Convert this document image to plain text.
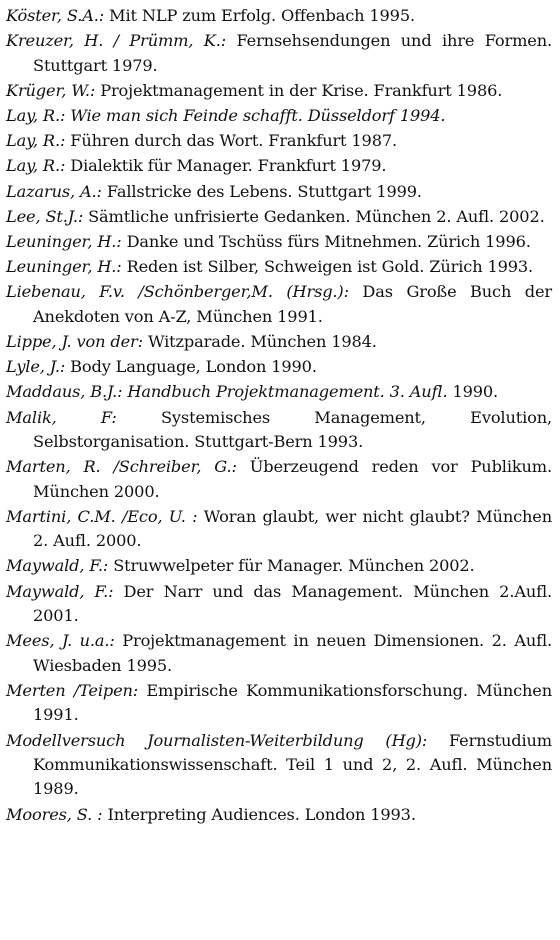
Köster, S.A.: Mit NLP zum Erfolg. Offenbach 1995.
Kreuzer, H. / Prümm, K.: Fernsehsendungen und ihre Formen. Stuttgart 1979.
Krüger, W.: Projektmanagement in der Krise. Frankfurt 1986.
Lay, R.: Wie man sich Feinde schafft. Düsseldorf 1994.
Lay, R.: Führen durch das Wort. Frankfurt 1987.
Lay, R.: Dialektik für Manager. Frankfurt 1979.
Lazarus, A.: Fallstricke des Lebens. Stuttgart 1999.
Lee, St.J.: Sämtliche unfrisierte Gedanken. München 2. Aufl. 2002.
Leuninger, H.: Danke und Tschüss fürs Mitnehmen. Zürich 1996.
Leuninger, H.: Reden ist Silber, Schweigen ist Gold. Zürich 1993.
Liebenau, F.v. /Schönberger,M. (Hrsg.): Das Große Buch der Anekdoten von A-Z, München 1991.
Lippe, J. von der: Witzparade. München 1984.
Lyle, J.: Body Language, London 1990.
Maddaus, B.J.: Handbuch Projektmanagement. 3. Aufl. 1990.
Malik, F: Systemisches Management, Evolution, Selbstorganisation. Stuttgart-Bern 1993.
Marten, R. /Schreiber, G.: Überzeugend reden vor Publikum. München 2000.
Martini, C.M. /Eco, U. : Woran glaubt, wer nicht glaubt? München 2. Aufl. 2000.
Maywald, F.: Struwwelpeter für Manager. München 2002.
Maywald, F.: Der Narr und das Management. München 2.Aufl. 2001.
Mees, J. u.a.: Projektmanagement in neuen Dimensionen. 2. Aufl. Wiesbaden 1995.
Merten /Teipen: Empirische Kommunikationsforschung. München 1991.
Modellversuch Journalisten-Weiterbildung (Hg): Fernstudium Kommunikationswissenschaft. Teil 1 und 2, 2. Aufl. München 1989.
Moores, S. : Interpreting Audiences. London 1993.
